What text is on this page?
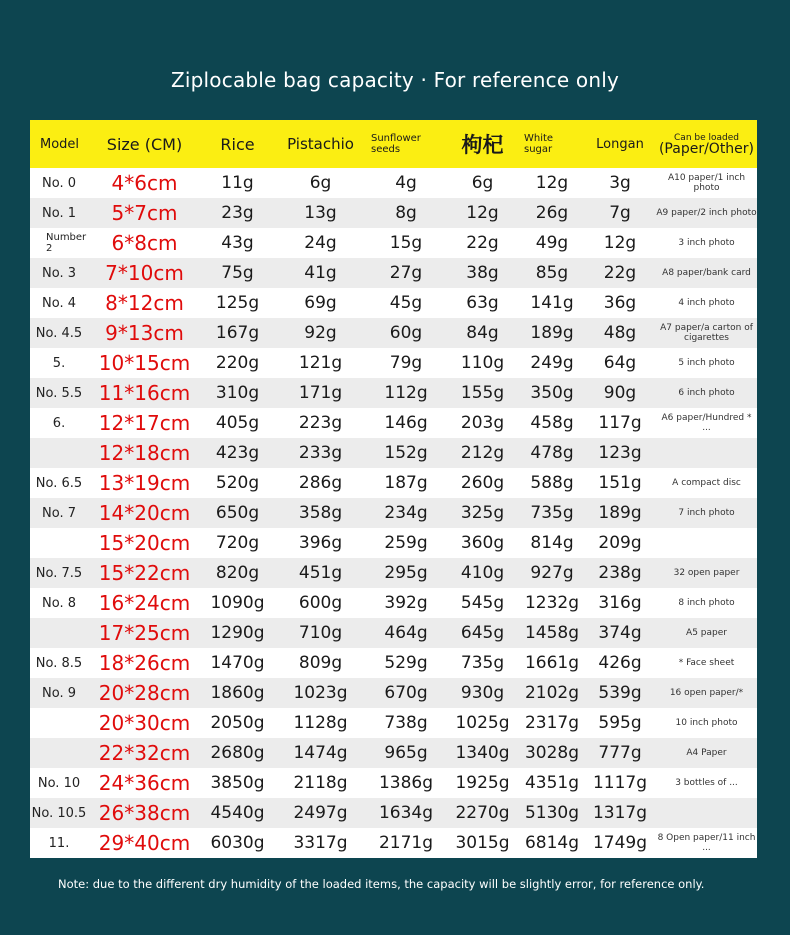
Ziplocable bag capacity · For reference only
Model	Size (CM)	Rice	Pistachio	Sunflower seeds	枸杞	White sugar	Longan	Can be loaded
(Paper/Other)
No. 0	4*6cm	11g	6g	4g	6g	12g	3g	A10 paper/1 inch photo
No. 1	5*7cm	23g	13g	8g	12g	26g	7g	A9 paper/2 inch photo
Number 2	6*8cm	43g	24g	15g	22g	49g	12g	3 inch photo
No. 3	7*10cm	75g	41g	27g	38g	85g	22g	A8 paper/bank card
No. 4	8*12cm	125g	69g	45g	63g	141g	36g	4 inch photo
No. 4.5	9*13cm	167g	92g	60g	84g	189g	48g	A7 paper/a carton of cigarettes
5.	10*15cm	220g	121g	79g	110g	249g	64g	5 inch photo
No. 5.5	11*16cm	310g	171g	112g	155g	350g	90g	6 inch photo
6.	12*17cm	405g	223g	146g	203g	458g	117g	A6 paper/Hundred * ...
	12*18cm	423g	233g	152g	212g	478g	123g	
No. 6.5	13*19cm	520g	286g	187g	260g	588g	151g	A compact disc
No. 7	14*20cm	650g	358g	234g	325g	735g	189g	7 inch photo
	15*20cm	720g	396g	259g	360g	814g	209g	
No. 7.5	15*22cm	820g	451g	295g	410g	927g	238g	32 open paper
No. 8	16*24cm	1090g	600g	392g	545g	1232g	316g	8 inch photo
	17*25cm	1290g	710g	464g	645g	1458g	374g	A5 paper
No. 8.5	18*26cm	1470g	809g	529g	735g	1661g	426g	* Face sheet
No. 9	20*28cm	1860g	1023g	670g	930g	2102g	539g	16 open paper/*
	20*30cm	2050g	1128g	738g	1025g	2317g	595g	10 inch photo
	22*32cm	2680g	1474g	965g	1340g	3028g	777g	A4 Paper
No. 10	24*36cm	3850g	2118g	1386g	1925g	4351g	1117g	3 bottles of ...
No. 10.5	26*38cm	4540g	2497g	1634g	2270g	5130g	1317g	
11.	29*40cm	6030g	3317g	2171g	3015g	6814g	1749g	8 Open paper/11 inch ...
Note: due to the different dry humidity of the loaded items, the capacity will be slightly error, for reference only.
